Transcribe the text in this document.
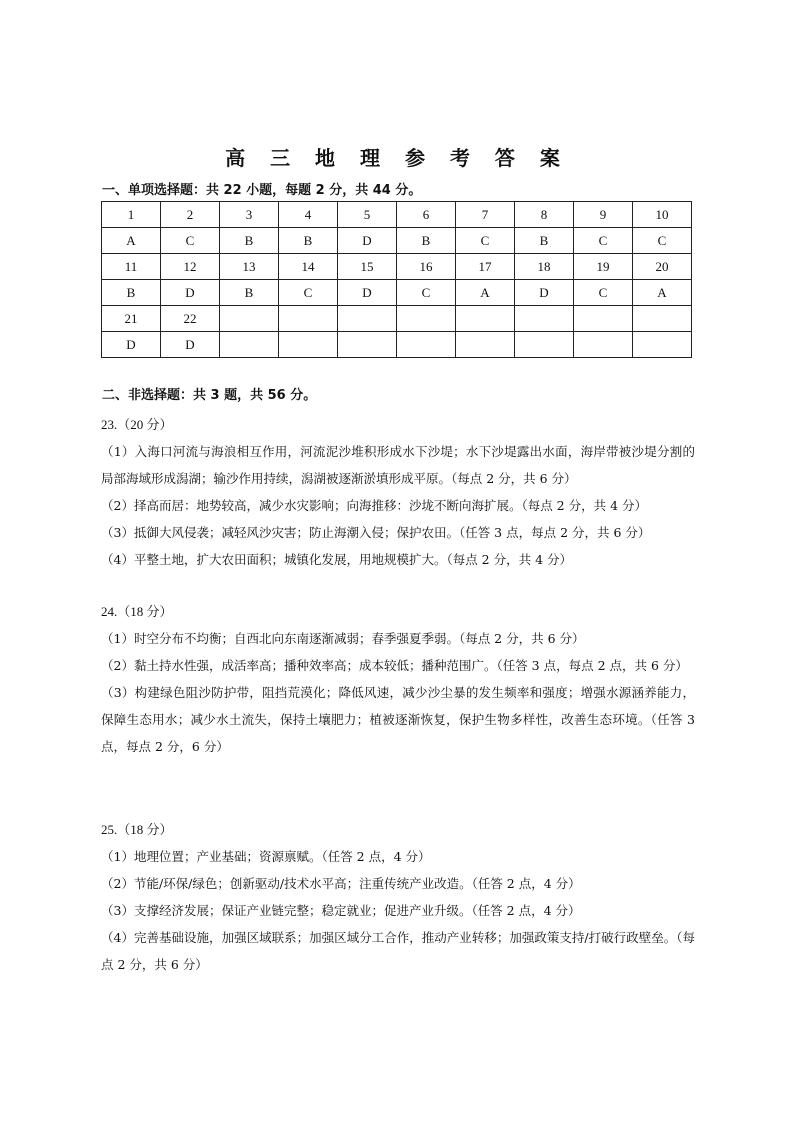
高 三 地 理 参 考 答 案
一、单项选择题：共 22 小题，每题 2 分，共 44 分。
1	2	3	4	5	6	7	8	9	10
A	C	B	B	D	B	C	B	C	C
11	12	13	14	15	16	17	18	19	20
B	D	B	C	D	C	A	D	C	A
21	22								
D	D								
二、非选择题：共 3 题，共 56 分。
23.（20 分）
（1）入海口河流与海浪相互作用，河流泥沙堆积形成水下沙堤；水下沙堤露出水面，海岸带被沙堤分割的局部海域形成潟湖；输沙作用持续，潟湖被逐渐淤填形成平原。（每点 2 分，共 6 分）
（2）择高而居：地势较高，减少水灾影响；向海推移：沙垅不断向海扩展。（每点 2 分，共 4 分）
（3）抵御大风侵袭；减轻风沙灾害；防止海潮入侵；保护农田。（任答 3 点，每点 2 分，共 6 分）
（4）平整土地，扩大农田面积；城镇化发展，用地规模扩大。（每点 2 分，共 4 分）
24.（18 分）
（1）时空分布不均衡；自西北向东南逐渐减弱；春季强夏季弱。（每点 2 分，共 6 分）
（2）黏土持水性强，成活率高；播种效率高；成本较低；播种范围广。（任答 3 点，每点 2 点，共 6 分）
（3）构建绿色阻沙防护带，阻挡荒漠化；降低风速，减少沙尘暴的发生频率和强度；增强水源涵养能力，保障生态用水；减少水土流失，保持土壤肥力；植被逐渐恢复，保护生物多样性，改善生态环境。（任答 3 点，每点 2 分，6 分）
25.（18 分）
（1）地理位置；产业基础；资源禀赋。（任答 2 点，4 分）
（2）节能/环保/绿色；创新驱动/技术水平高；注重传统产业改造。（任答 2 点，4 分）
（3）支撑经济发展；保证产业链完整；稳定就业；促进产业升级。（任答 2 点，4 分）
（4）完善基础设施，加强区域联系；加强区域分工合作，推动产业转移；加强政策支持/打破行政壁垒。（每点 2 分，共 6 分）
